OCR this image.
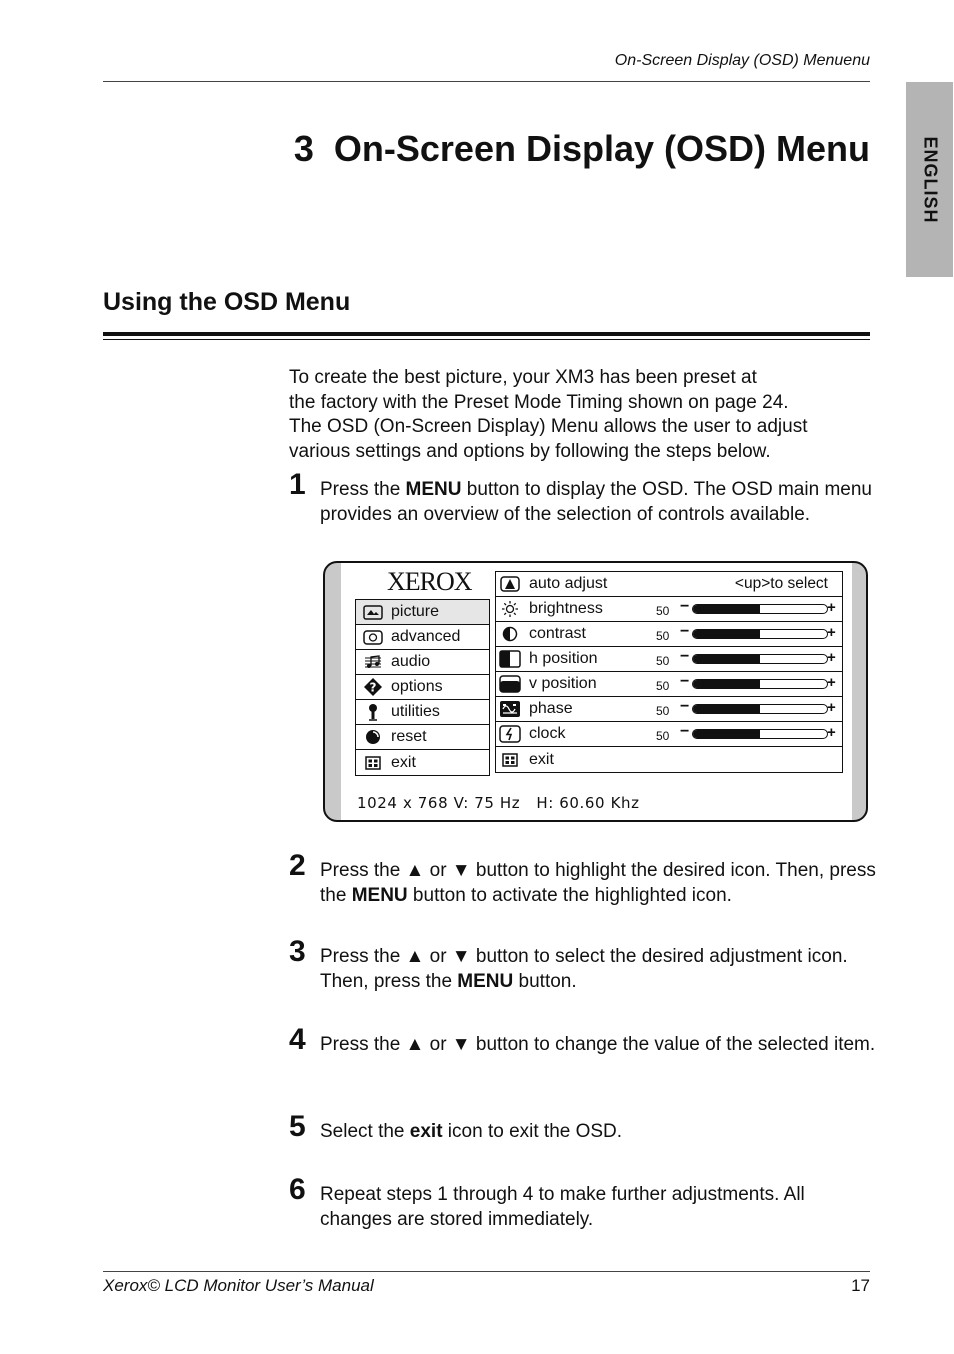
On-Screen Display (OSD) Menuenu
ENGLISH
3  On-Screen Display (OSD) Menu
Using the OSD Menu

To create the best picture, your XM3 has been preset at

the factory with the Preset Mode Timing shown on page 24.

The OSD (On-Screen Display) Menu allows the user to adjust

various settings and options by following the steps below.

1 Press the MENU button to display the OSD. The OSD main menu provides an overview of the selection of controls available.
XEROX
picture
advanced
audio
? options
utilities
reset
exit
auto adjust	<up>to select
brightness	50 −	+
contrast	50 −	+
h position	50 −	+
v position	50 −	+
phase	50 −	+
clock	50 −	+
exit
1024 x 768 V: 75 Hz   H: 60.60 Khz
2 Press the ▲ or ▼ button to highlight the desired icon. Then, press the MENU button to activate the highlighted icon.
3 Press the ▲ or ▼ button to select the desired adjustment icon. Then, press the MENU button.
4 Press the ▲ or ▼ button to change the value of the selected item.
5 Select the exit icon to exit the OSD.
6 Repeat steps 1 through 4 to make further adjustments. All changes are stored immediately.
Xerox© LCD Monitor User’s Manual	17
